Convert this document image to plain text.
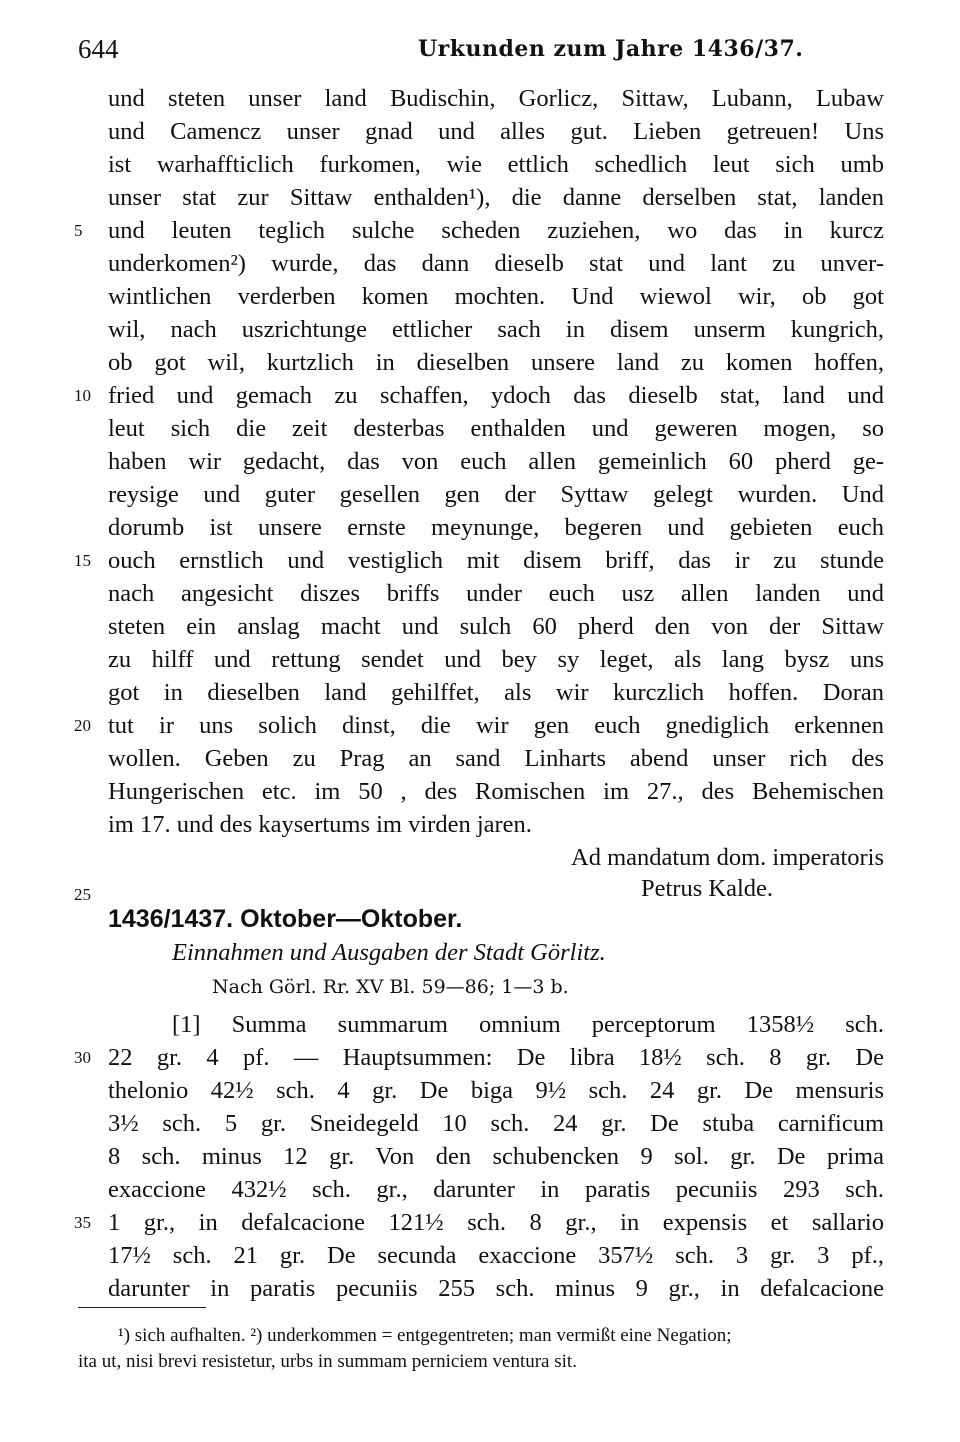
644	Urkunden zum Jahre 1436/37.
und steten unser land Budischin, Gorlicz, Sittaw, Lubann, Lubaw
und Camencz unser gnad und alles gut. Lieben getreuen! Uns
ist warhaffticlich furkomen, wie ettlich schedlich leut sich umb
unser stat zur Sittaw enthalden¹), die danne derselben stat, landen
5	und leuten teglich sulche scheden zuziehen, wo das in kurcz
underkomen²) wurde, das dann dieselb stat und lant zu unver-
wintlichen verderben komen mochten. Und wiewol wir, ob got
wil, nach uszrichtunge ettlicher sach in disem unserm kungrich,
ob got wil, kurtzlich in dieselben unsere land zu komen hoffen,
10 fried und gemach zu schaffen, ydoch das dieselb stat, land und
leut sich die zeit desterbas enthalden und geweren mogen, so
haben wir gedacht, das von euch allen gemeinlich 60 pherd ge-
reysige und guter gesellen gen der Syttaw gelegt wurden. Und
dorumb ist unsere ernste meynunge, begeren und gebieten euch
15 ouch ernstlich und vestiglich mit disem briff, das ir zu stunde
nach angesicht diszes briffs under euch usz allen landen und
steten ein anslag macht und sulch 60 pherd den von der Sittaw
zu hilff und rettung sendet und bey sy leget, als lang bysz uns
got in dieselben land gehilffet, als wir kurczlich hoffen. Doran
20 tut ir uns solich dinst, die wir gen euch gnediglich erkennen
wollen. Geben zu Prag an sand Linharts abend unser rich des
Hungerischen etc. im 50 , des Romischen im 27., des Behemischen
im 17. und des kaysertums im virden jaren.
Ad mandatum dom. imperatoris
25	Petrus Kalde.
1436/1437. Oktober—Oktober.
Einnahmen und Ausgaben der Stadt Görlitz.
Nach Görl. Rr. XV Bl. 59—86; 1—3 b.
[1] Summa summarum omnium perceptorum 1358½ sch.
30 22 gr. 4 pf. — Hauptsummen: De libra 18½ sch. 8 gr. De
thelonio 42½ sch. 4 gr. De biga 9½ sch. 24 gr. De mensuris
3½ sch. 5 gr. Sneidegeld 10 sch. 24 gr. De stuba carnificum
8 sch. minus 12 gr. Von den schubencken 9 sol. gr. De prima
exaccione 432½ sch. gr., darunter in paratis pecuniis 293 sch.
35 1 gr., in defalcacione 121½ sch. 8 gr., in expensis et sallario
17½ sch. 21 gr. De secunda exaccione 357½ sch. 3 gr. 3 pf.,
darunter in paratis pecuniis 255 sch. minus 9 gr., in defalcacione
¹) sich aufhalten. ²) underkommen = entgegentreten; man vermißt eine Negation;
ita ut, nisi brevi resistetur, urbs in summam perniciem ventura sit.
